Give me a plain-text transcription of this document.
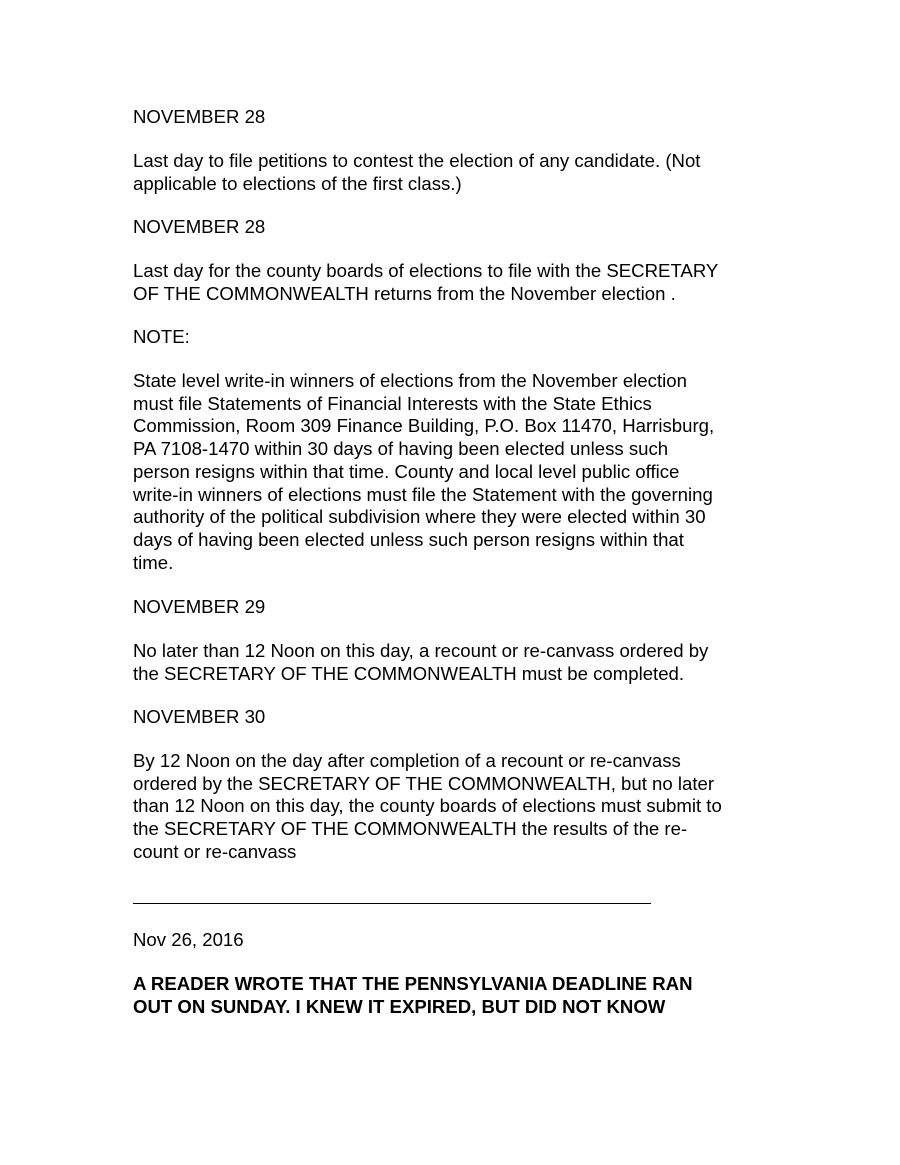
NOVEMBER 28

Last day to file petitions to contest the election of any candidate. (Not
applicable to elections of the first class.)

NOVEMBER 28

Last day for the county boards of elections to file with the SECRETARY
OF THE COMMONWEALTH returns from the November election .

NOTE:

State level write-in winners of elections from the November election
must file Statements of Financial Interests with the State Ethics
Commission, Room 309 Finance Building, P.O. Box 11470, Harrisburg,
PA 7108-1470 within 30 days of having been elected unless such
person resigns within that time. County and local level public office
write-in winners of elections must file the Statement with the governing
authority of the political subdivision where they were elected within 30
days of having been elected unless such person resigns within that
time.

NOVEMBER 29

No later than 12 Noon on this day, a recount or re-canvass ordered by
the SECRETARY OF THE COMMONWEALTH must be completed.

NOVEMBER 30

By 12 Noon on the day after completion of a recount or re-canvass
ordered by the SECRETARY OF THE COMMONWEALTH, but no later
than 12 Noon on this day, the county boards of elections must submit to
the SECRETARY OF THE COMMONWEALTH the results of the re-
count or re-canvass

Nov 26, 2016

A READER WROTE THAT THE PENNSYLVANIA DEADLINE RAN
OUT ON SUNDAY. I KNEW IT EXPIRED, BUT DID NOT KNOW
